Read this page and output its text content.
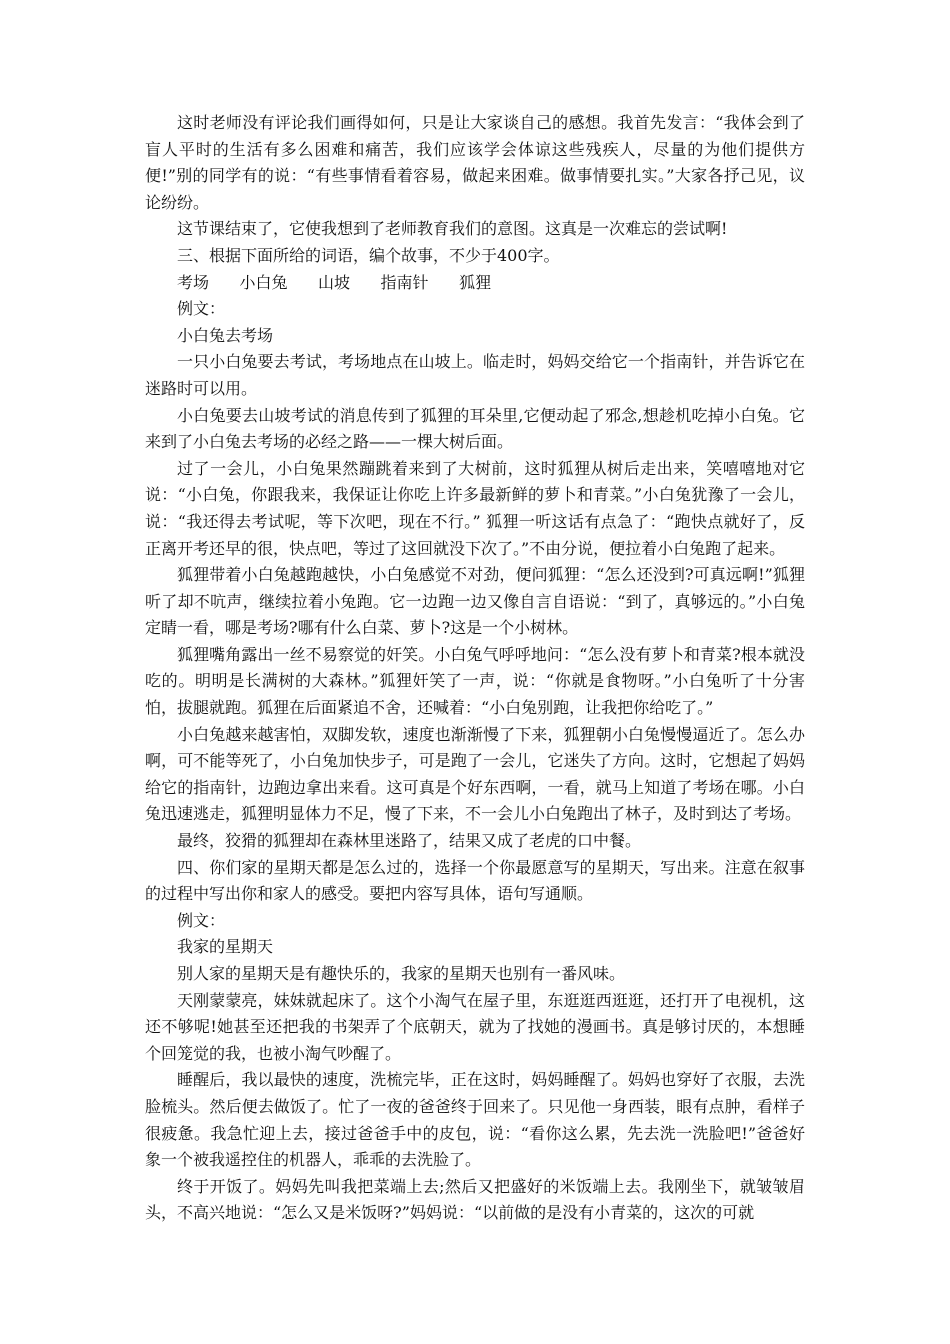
这时老师没有评论我们画得如何，只是让大家谈自己的感想。我首先发言：“我体会到了盲人平时的生活有多么困难和痛苦，我们应该学会体谅这些残疾人，尽量的为他们提供方便!”别的同学有的说：“有些事情看着容易，做起来困难。做事情要扎实。”大家各抒己见，议论纷纷。

这节课结束了，它使我想到了老师教育我们的意图。这真是一次难忘的尝试啊!

三、根据下面所给的词语，编个故事，不少于400字。

考场      小白兔      山坡      指南针      狐狸

例文：

小白兔去考场

一只小白兔要去考试，考场地点在山坡上。临走时，妈妈交给它一个指南针，并告诉它在迷路时可以用。

小白兔要去山坡考试的消息传到了狐狸的耳朵里,它便动起了邪念,想趁机吃掉小白兔。它来到了小白兔去考场的必经之路——一棵大树后面。

过了一会儿，小白兔果然蹦跳着来到了大树前，这时狐狸从树后走出来，笑嘻嘻地对它说：“小白兔，你跟我来，我保证让你吃上许多最新鲜的萝卜和青菜。”小白兔犹豫了一会儿，说：“我还得去考试呢，等下次吧，现在不行。” 狐狸一听这话有点急了：“跑快点就好了，反正离开考还早的很，快点吧，等过了这回就没下次了。”不由分说，便拉着小白兔跑了起来。

狐狸带着小白兔越跑越快，小白兔感觉不对劲，便问狐狸：“怎么还没到?可真远啊!”狐狸听了却不吭声，继续拉着小兔跑。它一边跑一边又像自言自语说：“到了，真够远的。”小白兔定睛一看，哪是考场?哪有什么白菜、萝卜?这是一个小树林。

狐狸嘴角露出一丝不易察觉的奸笑。小白兔气呼呼地问：“怎么没有萝卜和青菜?根本就没吃的。明明是长满树的大森林。”狐狸奸笑了一声，说：“你就是食物呀。”小白兔听了十分害怕，拔腿就跑。狐狸在后面紧追不舍，还喊着：“小白兔别跑，让我把你给吃了。”

小白兔越来越害怕，双脚发软，速度也渐渐慢了下来，狐狸朝小白兔慢慢逼近了。怎么办啊，可不能等死了，小白兔加快步子，可是跑了一会儿，它迷失了方向。这时，它想起了妈妈给它的指南针，边跑边拿出来看。这可真是个好东西啊，一看，就马上知道了考场在哪。小白兔迅速逃走，狐狸明显体力不足，慢了下来，不一会儿小白兔跑出了林子，及时到达了考场。

最终，狡猾的狐狸却在森林里迷路了，结果又成了老虎的口中餐。

四、你们家的星期天都是怎么过的，选择一个你最愿意写的星期天，写出来。注意在叙事的过程中写出你和家人的感受。要把内容写具体，语句写通顺。

例文：

我家的星期天

别人家的星期天是有趣快乐的，我家的星期天也别有一番风味。

天刚蒙蒙亮，妹妹就起床了。这个小淘气在屋子里，东逛逛西逛逛，还打开了电视机，这还不够呢!她甚至还把我的书架弄了个底朝天，就为了找她的漫画书。真是够讨厌的，本想睡个回笼觉的我，也被小淘气吵醒了。

睡醒后，我以最快的速度，洗梳完毕，正在这时，妈妈睡醒了。妈妈也穿好了衣服，去洗脸梳头。然后便去做饭了。忙了一夜的爸爸终于回来了。只见他一身西装，眼有点肿，看样子很疲惫。我急忙迎上去，接过爸爸手中的皮包，说：“看你这么累，先去洗一洗脸吧!”爸爸好象一个被我遥控住的机器人，乖乖的去洗脸了。

终于开饭了。妈妈先叫我把菜端上去;然后又把盛好的米饭端上去。我刚坐下，就皱皱眉头，不高兴地说：“怎么又是米饭呀?”妈妈说：“以前做的是没有小青菜的，这次的可就
